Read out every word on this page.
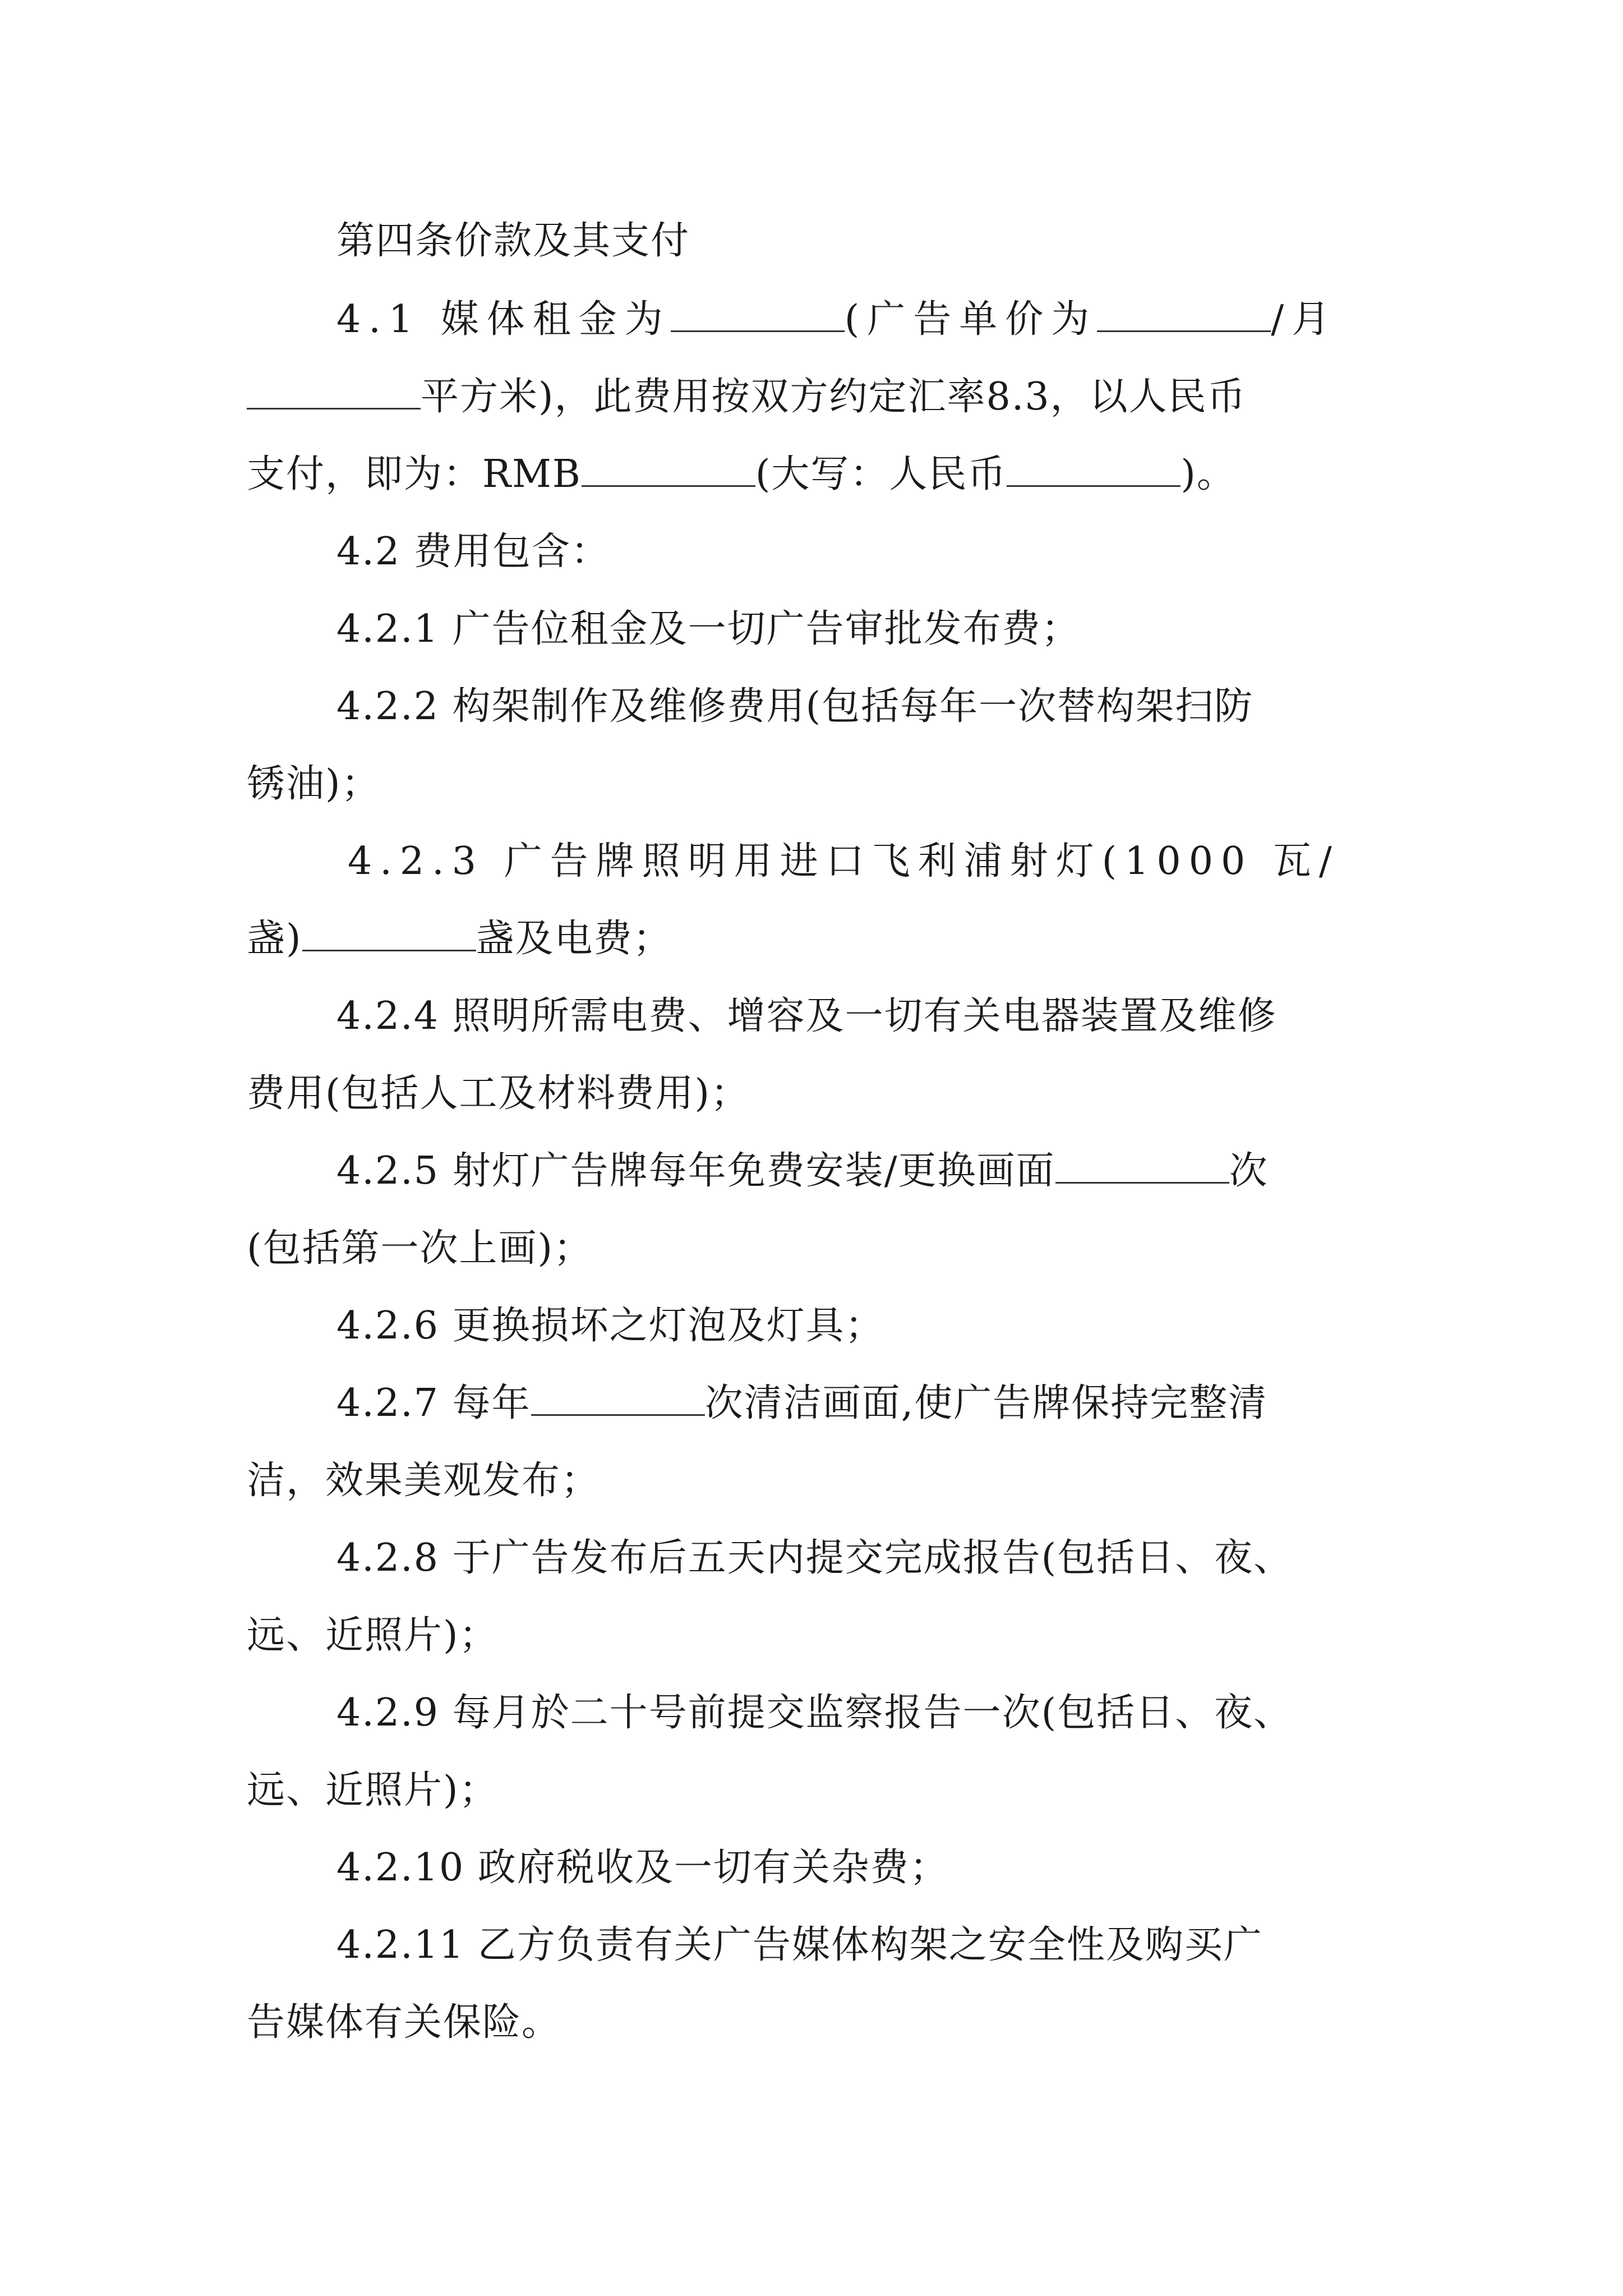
第四条价款及其支付
4.1 媒体租金为	(广告单价为	/月
平方米)，此费用按双方约定汇率8.3，以人民币
支付，即为：RMB	(大写：人民币	)。
4.2 费用包含：
4.2.1 广告位租金及一切广告审批发布费；
4.2.2 构架制作及维修费用(包括每年一次替构架扫防
锈油)；
4.2.3 广告牌照明用进口飞利浦射灯(1000 瓦/
盏)	盏及电费；
4.2.4 照明所需电费、增容及一切有关电器装置及维修
费用(包括人工及材料费用)；
4.2.5 射灯广告牌每年免费安装/更换画面	次
(包括第一次上画)；
4.2.6 更换损坏之灯泡及灯具；
4.2.7 每年	次清洁画面,使广告牌保持完整清
洁，效果美观发布；
4.2.8 于广告发布后五天内提交完成报告(包括日、夜、
远、近照片)；
4.2.9 每月於二十号前提交监察报告一次(包括日、夜、
远、近照片)；
4.2.10 政府税收及一切有关杂费；
4.2.11 乙方负责有关广告媒体构架之安全性及购买广
告媒体有关保险。
